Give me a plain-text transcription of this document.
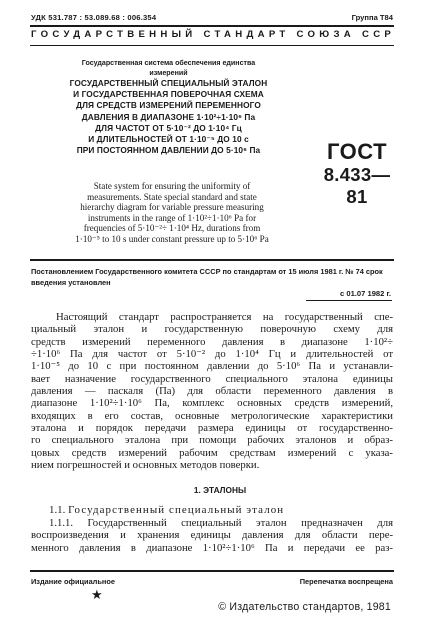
УДК 531.787 : 53.089.68 : 006.354	Группа Т84
ГОСУДАРСТВЕННЫЙ СТАНДАРТ СОЮЗА ССР
Государственная система обеспечения единства
измерений
ГОСУДАРСТВЕННЫЙ СПЕЦИАЛЬНЫЙ ЭТАЛОН
И ГОСУДАРСТВЕННАЯ ПОВЕРОЧНАЯ СХЕМА
ДЛЯ СРЕДСТВ ИЗМЕРЕНИЙ ПЕРЕМЕННОГО
ДАВЛЕНИЯ В ДИАПАЗОНЕ 1·10²÷1·10⁶ Па
ДЛЯ ЧАСТОТ ОТ 5·10⁻² ДО 1·10⁴ Гц
И ДЛИТЕЛЬНОСТЕЙ ОТ 1·10⁻⁵ ДО 10 с
ПРИ ПОСТОЯННОМ ДАВЛЕНИИ ДО 5·10⁶ Па	ГОСТ
8.433—81
State system for ensuring the uniformity of
measurements. State special standard and state
hierarchy diagram for variable pressure measuring
instruments in the range of 1·10²÷1·10⁶ Pa for
frequencies of 5·10⁻²÷ 1·10⁴ Hz, durations from
1·10⁻⁵ to 10 s under constant pressure up to 5·10⁶ Pa
Постановлением Государственного комитета СССР по стандартам от 15 июля 1981 г. № 74 срок введения установлен
с 01.07 1982 г.
Настоящий стандарт распространяется на государственный спе-
циальный эталон и государственную поверочную схему для
средств измерений переменного давления в диапазоне 1·10²÷
÷1·10⁶ Па для частот от 5·10⁻² до 1·10⁴ Гц и длительностей от
1·10⁻⁵ до 10 с при постоянном давлении до 5·10⁶ Па и устанавли-
вает назначение государственного специального эталона единицы
давления — паскаля (Па) для области переменного давления в
диапазоне 1·10²÷1·10⁶ Па, комплекс основных средств измерений,
входящих в его состав, основные метрологические характеристики
эталона и порядок передачи размера единицы от государственно-
го специального эталона при помощи рабочих эталонов и образ-
цовых средств измерений рабочим средствам измерений с указа-
нием погрешностей и основных методов поверки.
1. ЭТАЛОНЫ
1.1. Государственный специальный эталон
1.1.1. Государственный специальный эталон предназначен для
воспроизведения и хранения единицы давления для области пере-
менного давления в диапазоне 1·10²÷1·10⁶ Па и передачи ее раз-
Издание официальное	Перепечатка воспрещена
★
© Издательство стандартов, 1981
